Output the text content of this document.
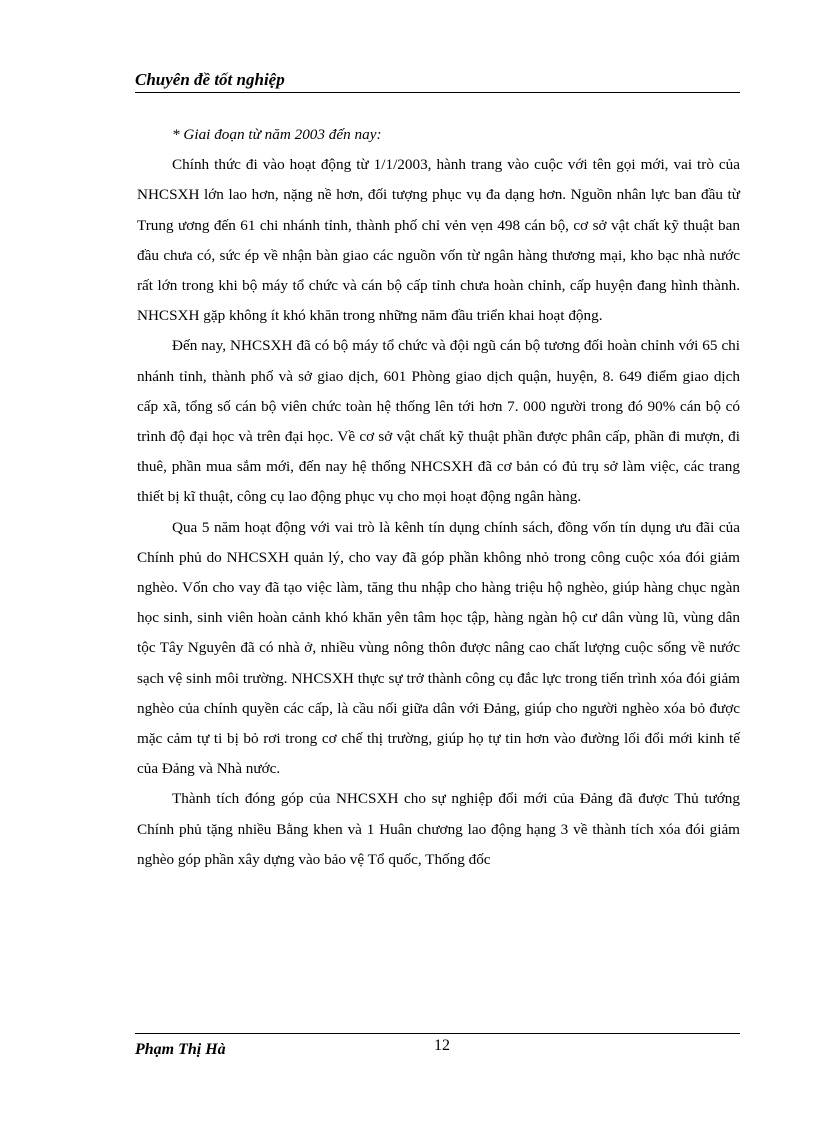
Chuyên đề tốt nghiệp

* Giai đoạn từ năm 2003 đến nay:

Chính thức đi vào hoạt động từ 1/1/2003, hành trang vào cuộc với tên gọi mới, vai trò của NHCSXH lớn lao hơn, nặng nề hơn, đối tượng phục vụ đa dạng hơn. Nguồn nhân lực ban đầu từ Trung ương đến 61 chi nhánh tỉnh, thành phố chỉ vẻn vẹn 498 cán bộ, cơ sở vật chất kỹ thuật ban đầu chưa có, sức ép về nhận bàn giao các nguồn vốn từ ngân hàng thương mại, kho bạc nhà nước rất lớn trong khi bộ máy tổ chức và cán bộ cấp tỉnh chưa hoàn chỉnh, cấp huyện đang hình thành. NHCSXH gặp không ít khó khăn trong những năm đầu triển khai hoạt động.

Đến nay, NHCSXH đã có bộ máy tổ chức và đội ngũ cán bộ tương đối hoàn chỉnh với 65 chi nhánh tỉnh, thành phố và sở giao dịch, 601 Phòng giao dịch quận, huyện, 8. 649 điểm giao dịch cấp xã, tổng số cán bộ viên chức toàn hệ thống lên tới hơn 7. 000 người trong đó 90% cán bộ có trình độ đại học và trên đại học. Về cơ sở vật chất kỹ thuật phần được phân cấp, phần đi mượn, đi thuê, phần mua sắm mới, đến nay hệ thống NHCSXH đã cơ bản có đủ trụ sở làm việc, các trang thiết bị kĩ thuật, công cụ lao động phục vụ cho mọi hoạt động ngân hàng.

Qua 5 năm hoạt động với vai trò là kênh tín dụng chính sách, đồng vốn tín dụng ưu đãi của Chính phủ do NHCSXH quản lý, cho vay đã góp phần không nhỏ trong công cuộc xóa đói giảm nghèo. Vốn cho vay đã tạo việc làm, tăng thu nhập cho hàng triệu hộ nghèo, giúp hàng chục ngàn học sinh, sinh viên hoàn cảnh khó khăn yên tâm học tập, hàng ngàn hộ cư dân vùng lũ, vùng dân tộc Tây Nguyên đã có nhà ở, nhiều vùng nông thôn được nâng cao chất lượng cuộc sống về nước sạch vệ sinh môi trường. NHCSXH thực sự trở thành công cụ đắc lực trong tiến trình xóa đói giảm nghèo của chính quyền các cấp, là cầu nối giữa dân với Đảng, giúp cho người nghèo xóa bỏ được mặc cảm tự ti bị bỏ rơi trong cơ chế thị trường, giúp họ tự tin hơn vào đường lối đổi mới kinh tế của Đảng và Nhà nước.

Thành tích đóng góp của NHCSXH cho sự nghiệp đổi mới của Đảng đã được Thủ tướng Chính phủ tặng nhiều Bằng khen và 1 Huân chương lao động hạng 3 về thành tích xóa đói giảm nghèo góp phần xây dựng vào bảo vệ Tổ quốc, Thống đốc

Phạm Thị Hà	12
